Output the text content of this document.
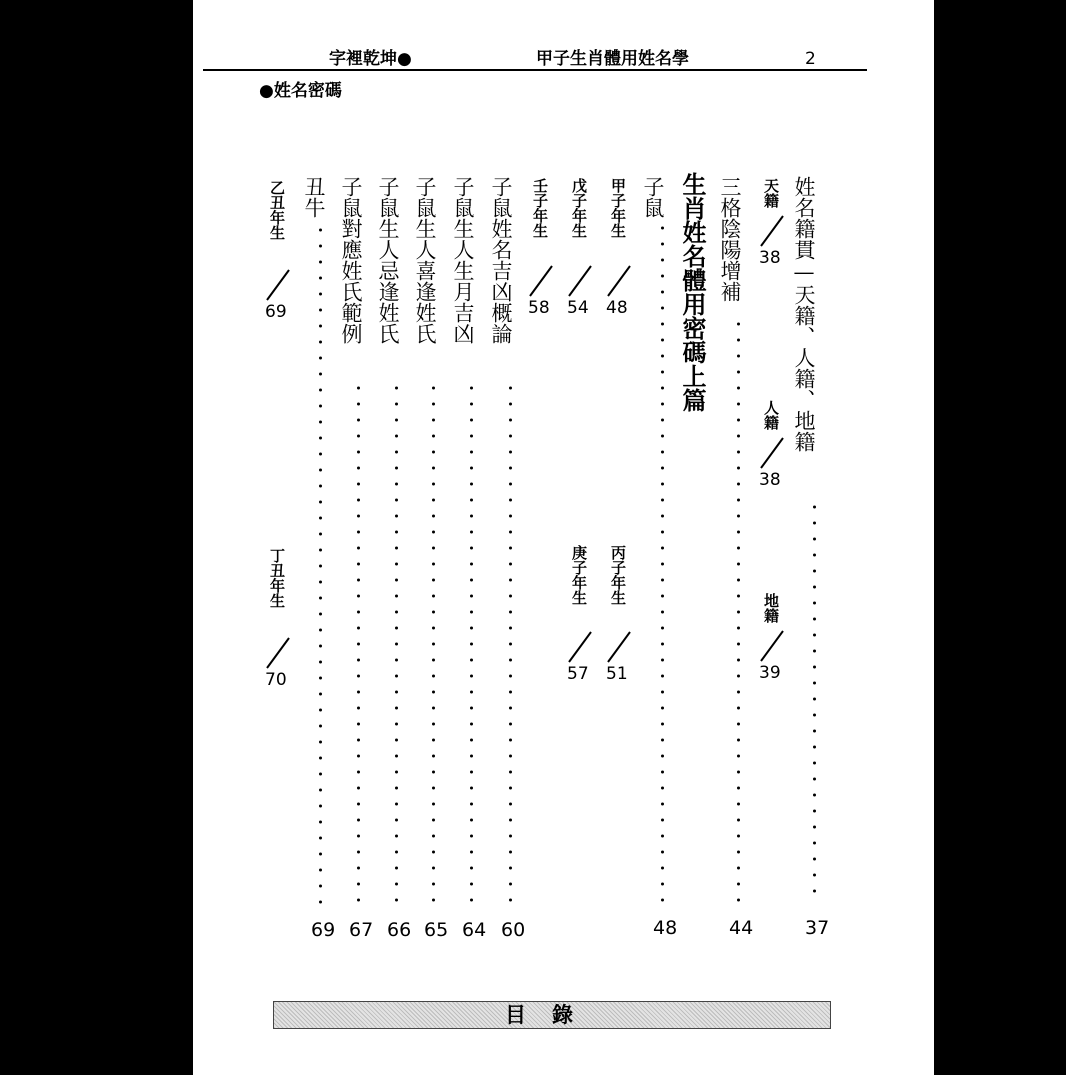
字裡乾坤●	甲子生肖體用姓名學	2
●姓名密碼
姓名籍貫—天籍、人籍、地籍
37
天籍
38
人籍
38
地籍
39
三格陰陽增補
44
生肖姓名體用密碼上篇
子鼠
48
甲子年生
48
丙子年生
51
戊子年生
54
庚子年生
57
壬子年生
58
子鼠姓名吉凶概論
60
子鼠生人生月吉凶
64
子鼠生人喜逢姓氏
65
子鼠生人忌逢姓氏
66
子鼠對應姓氏範例
67
丑牛
69
乙丑年生
69
丁丑年生
70
目錄
